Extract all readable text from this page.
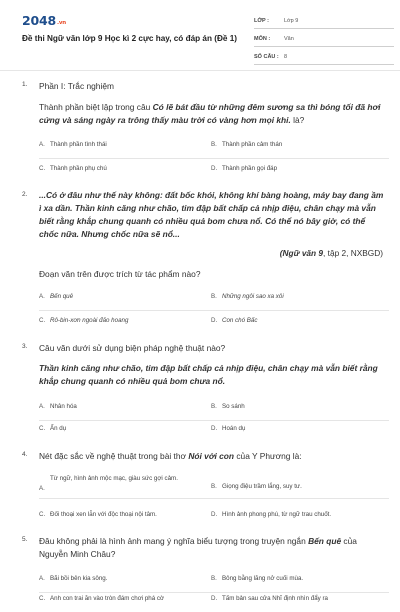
2048.vn
Đề thi Ngữ văn lớp 9 Học kì 2 cực hay, có đáp án (Đề 1)
LỚP :	Lớp 9
MÔN :	Văn
SỐ CÂU : 8
1. Phần I: Trắc nghiệm
Thành phần biệt lập trong câu Có lẽ bát đầu từ những đêm sương sa thì bóng tối đã hơi cứng và sáng ngày ra trông thấy màu trời có vàng hơn mọi khi. là?
A. Thành phần tình thái	B. Thành phần cảm thán
C. Thành phần phụ chú	D. Thành phần gọi đáp
2. ...Có ở đâu như thế này không: đất bốc khói, không khí bàng hoàng, máy bay đang ầm ì xa dần. Thần kinh căng như chão, tim đập bất chấp cả nhịp điệu, chân chạy mà vẫn biết rằng khắp chung quanh có nhiều quả bom chưa nổ. Có thể nó bây giờ, có thể chốc nữa. Nhưng chốc nữa sẽ nổ...
(Ngữ văn 9, tập 2, NXBGD)
Đoạn văn trên được trích từ tác phẩm nào?
A. Bến quê	B. Những ngôi sao xa xôi
C. Rô-bin-xơn ngoài đảo hoang	D. Con chó Bấc
3. Câu văn dưới sử dụng biện pháp nghệ thuật nào?
Thần kinh căng như chão, tim đập bất chấp cả nhịp điệu, chân chạy mà vẫn biết rằng khắp chung quanh có nhiều quả bom chưa nổ.
A. Nhân hóa	B. So sánh
C. Ẩn dụ	D. Hoán dụ
4. Nét đặc sắc về nghệ thuật trong bài thơ Nói với con của Y Phương là:
A.
Từ ngữ, hình ảnh mộc mạc, giàu sức gợi cảm.
B. Giọng điệu trầm lắng, suy tư.
C. Đối thoại xen lẫn với độc thoại nội tâm.	D. Hình ảnh phong phú, từ ngữ trau chuốt.
5. Đâu không phải là hình ảnh mang ý nghĩa biểu tượng trong truyện ngắn Bến quê của Nguyễn Minh Châu?
A. Bãi bồi bên kia sông.	B. Bông bằng lăng nở cuối mùa.
C. Anh con trai ăn vào tròn đám chơi phá cờ	D. Tấm bản sau cửa Nhĩ định nhìn đẩy ra
